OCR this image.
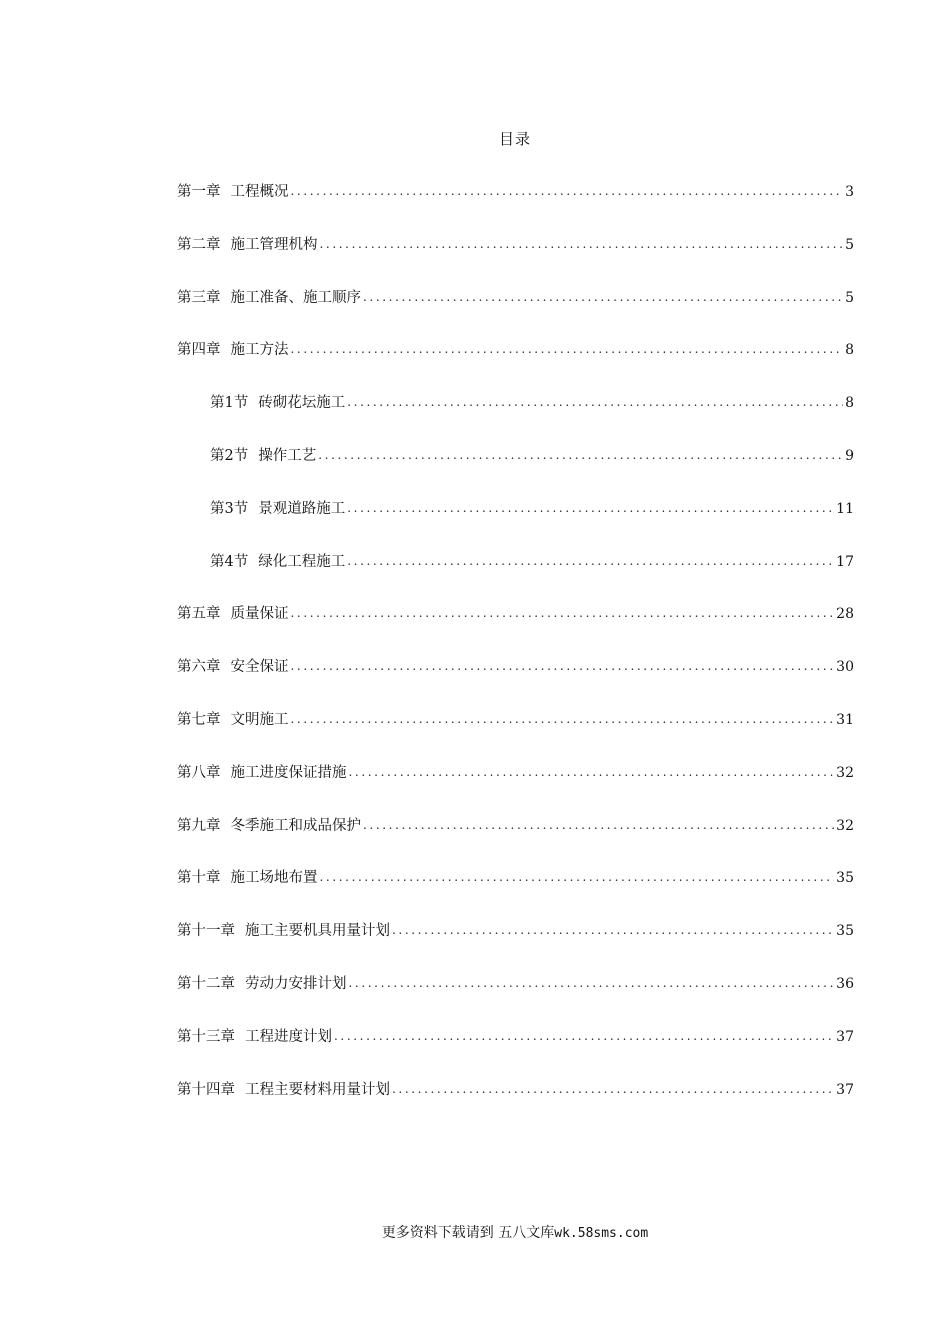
目录
第一章 工程概况 .....	3
第二章 施工管理机构 .....	5
第三章 施工准备、施工顺序 .....	5
第四章 施工方法 .....	8
第1节 砖砌花坛施工 .....	8
第2节 操作工艺 .....	9
第3节 景观道路施工 .....	11
第4节 绿化工程施工 .....	17
第五章 质量保证 .....	28
第六章 安全保证 .....	30
第七章 文明施工 .....	31
第八章 施工进度保证措施 .....	32
第九章 冬季施工和成品保护 .....	32
第十章 施工场地布置 .....	35
第十一章 施工主要机具用量计划 .....	35
第十二章 劳动力安排计划 .....	36
第十三章 工程进度计划 .....	37
第十四章 工程主要材料用量计划 .....	37
更多资料下载请到 五八文库wk.58sms.com
